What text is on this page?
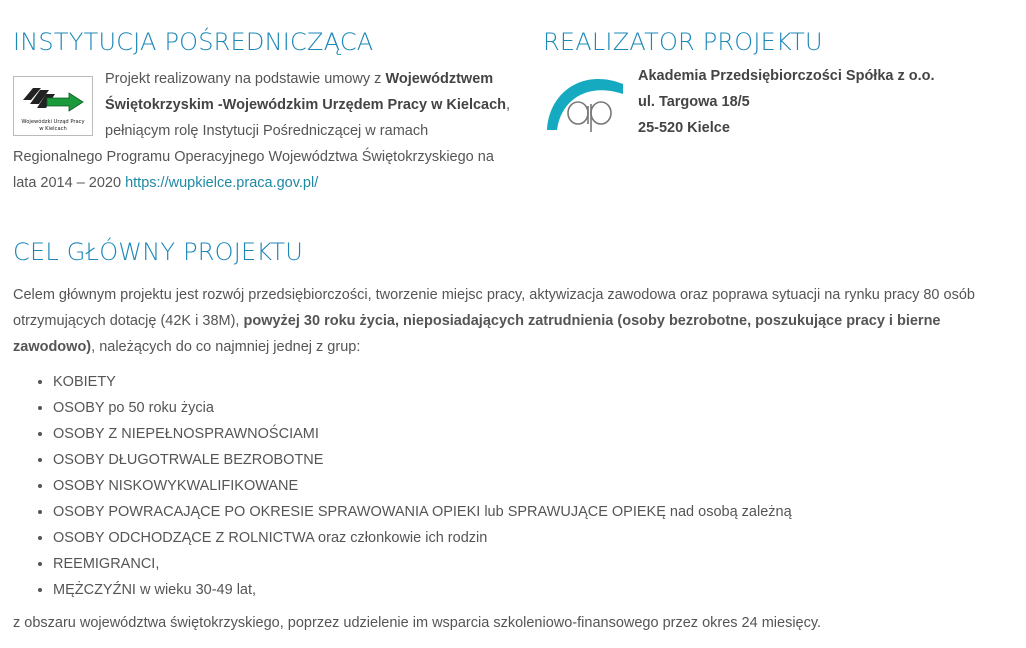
INSTYTUCJA POŚREDNICZĄCA
Wojewódzki Urząd Pracy
w Kielcach
Projekt realizowany na podstawie umowy z Województwem Świętokrzyskim -Wojewódzkim Urzędem Pracy w Kielcach, pełniącym rolę Instytucji Pośredniczącej w ramach Regionalnego Programu Operacyjnego Województwa Świętokrzyskiego na lata 2014 – 2020 https://wupkielce.praca.gov.pl/
REALIZATOR PROJEKTU
ap
Akademia Przedsiębiorczości Spółka z o.o.
ul. Targowa 18/5
25-520 Kielce
CEL GŁÓWNY PROJEKTU

Celem głównym projektu jest rozwój przedsiębiorczości, tworzenie miejsc pracy, aktywizacja zawodowa oraz poprawa sytuacji na rynku pracy 80 osób otrzymujących dotację (42K i 38M), powyżej 30 roku życia, nieposiadających zatrudnienia (osoby bezrobotne, poszukujące pracy i bierne zawodowo), należących do co najmniej jednej z grup:

• KOBIETY
• OSOBY po 50 roku życia
• OSOBY Z NIEPEŁNOSPRAWNOŚCIAMI
• OSOBY DŁUGOTRWALE BEZROBOTNE
• OSOBY NISKOWYKWALIFIKOWANE
• OSOBY POWRACAJĄCE PO OKRESIE SPRAWOWANIA OPIEKI lub SPRAWUJĄCE OPIEKĘ nad osobą zależną
• OSOBY ODCHODZĄCE Z ROLNICTWA oraz członkowie ich rodzin
• REEMIGRANCI,
• MĘŻCZYŹNI w wieku 30-49 lat,

z obszaru województwa świętokrzyskiego, poprzez udzielenie im wsparcia szkoleniowo-finansowego przez okres 24 miesięcy.
